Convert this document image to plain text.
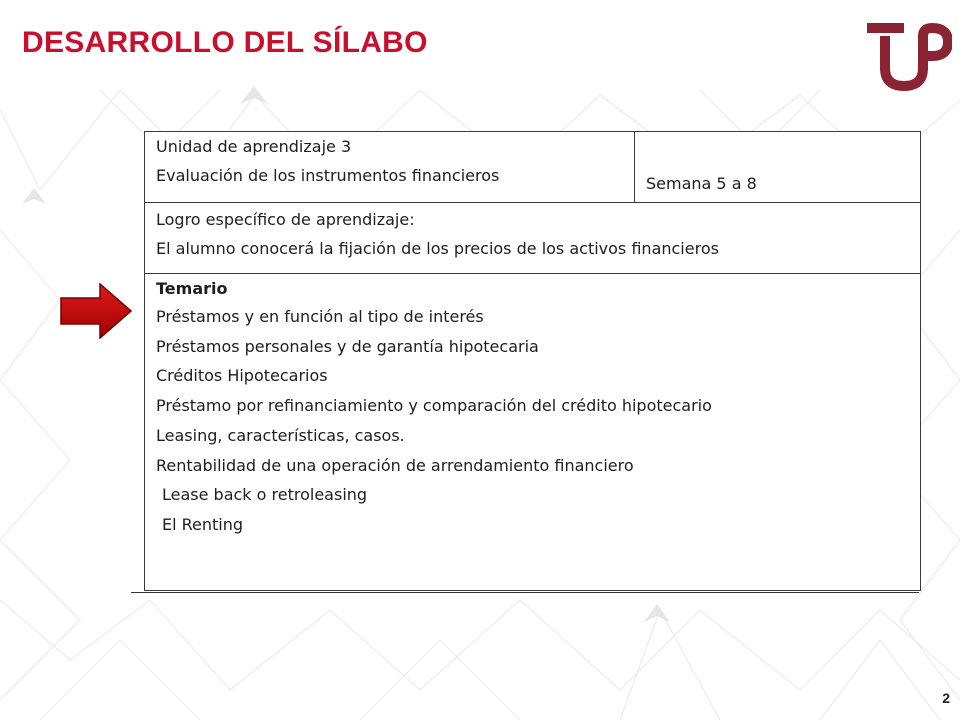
DESARROLLO DEL SÍLABO
Unidad de aprendizaje 3
Evaluación de los instrumentos financieros	Semana 5 a 8

Logro específico de aprendizaje:
El alumno conocerá la fijación de los precios de los activos financieros

Temario
Préstamos y en función al tipo de interés
Préstamos personales y de garantía hipotecaria
Créditos Hipotecarios
Préstamo por refinanciamiento y comparación del crédito hipotecario
Leasing, características, casos.
Rentabilidad de una operación de arrendamiento financiero
Lease back o retroleasing
El Renting
2
